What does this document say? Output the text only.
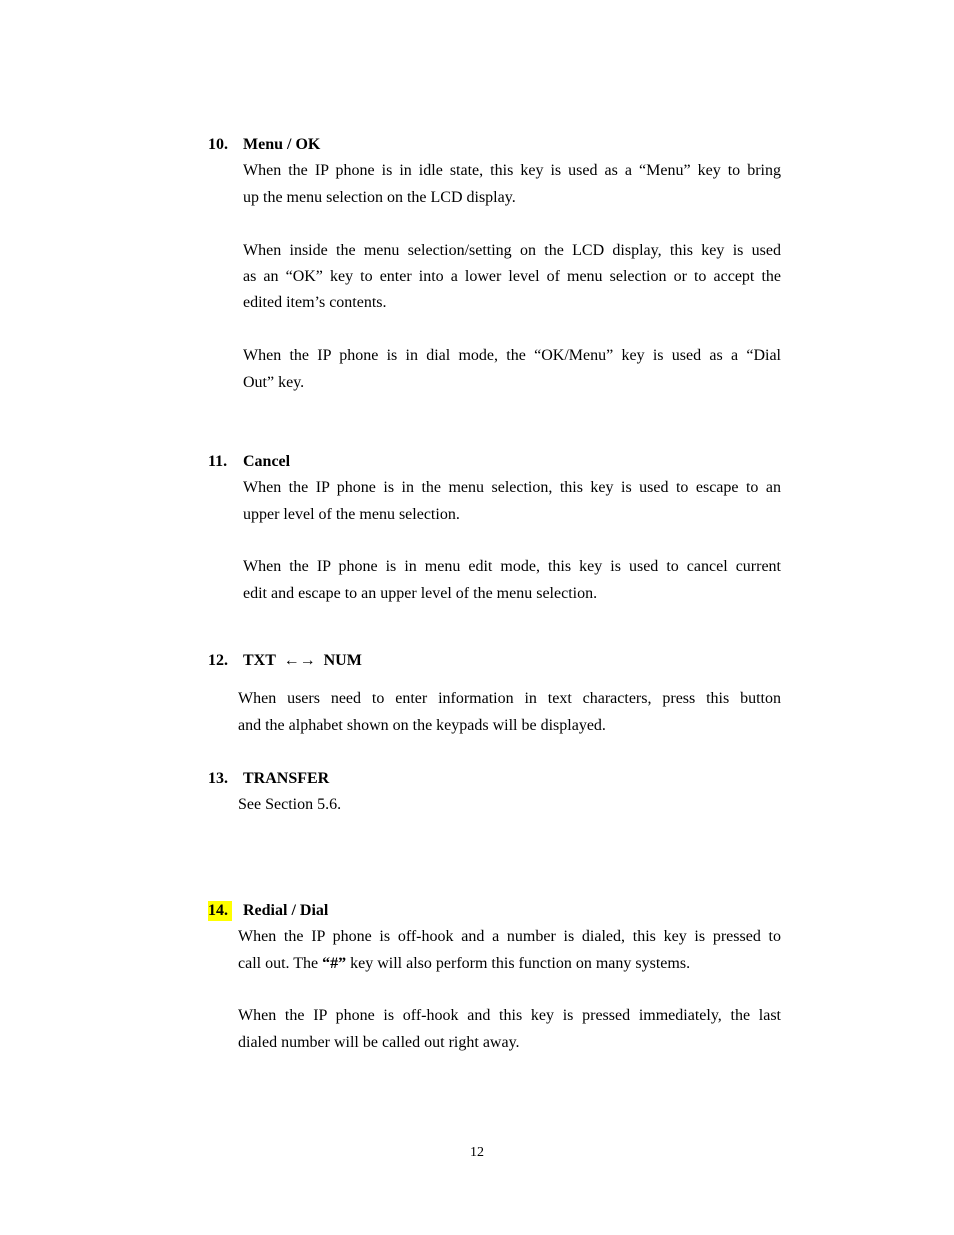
10. Menu / OK
When the IP phone is in idle state, this key is used as a “Menu” key to bring
up the menu selection on the LCD display.
When inside the menu selection/setting on the LCD display, this key is used
as an “OK” key to enter into a lower level of menu selection or to accept the
edited item’s contents.
When the IP phone is in dial mode, the “OK/Menu” key is used as a “Dial
Out” key.
11. Cancel
When the IP phone is in the menu selection, this key is used to escape to an
upper level of the menu selection.
When the IP phone is in menu edit mode, this key is used to cancel current
edit and escape to an upper level of the menu selection.
12. TXT  ←→  NUM
When users need to enter information in text characters, press this button
and the alphabet shown on the keypads will be displayed.
13. TRANSFER
See Section 5.6.
14. Redial / Dial
When the IP phone is off-hook and a number is dialed, this key is pressed to
call out. The “#” key will also perform this function on many systems.
When the IP phone is off-hook and this key is pressed immediately, the last
dialed number will be called out right away.
12
